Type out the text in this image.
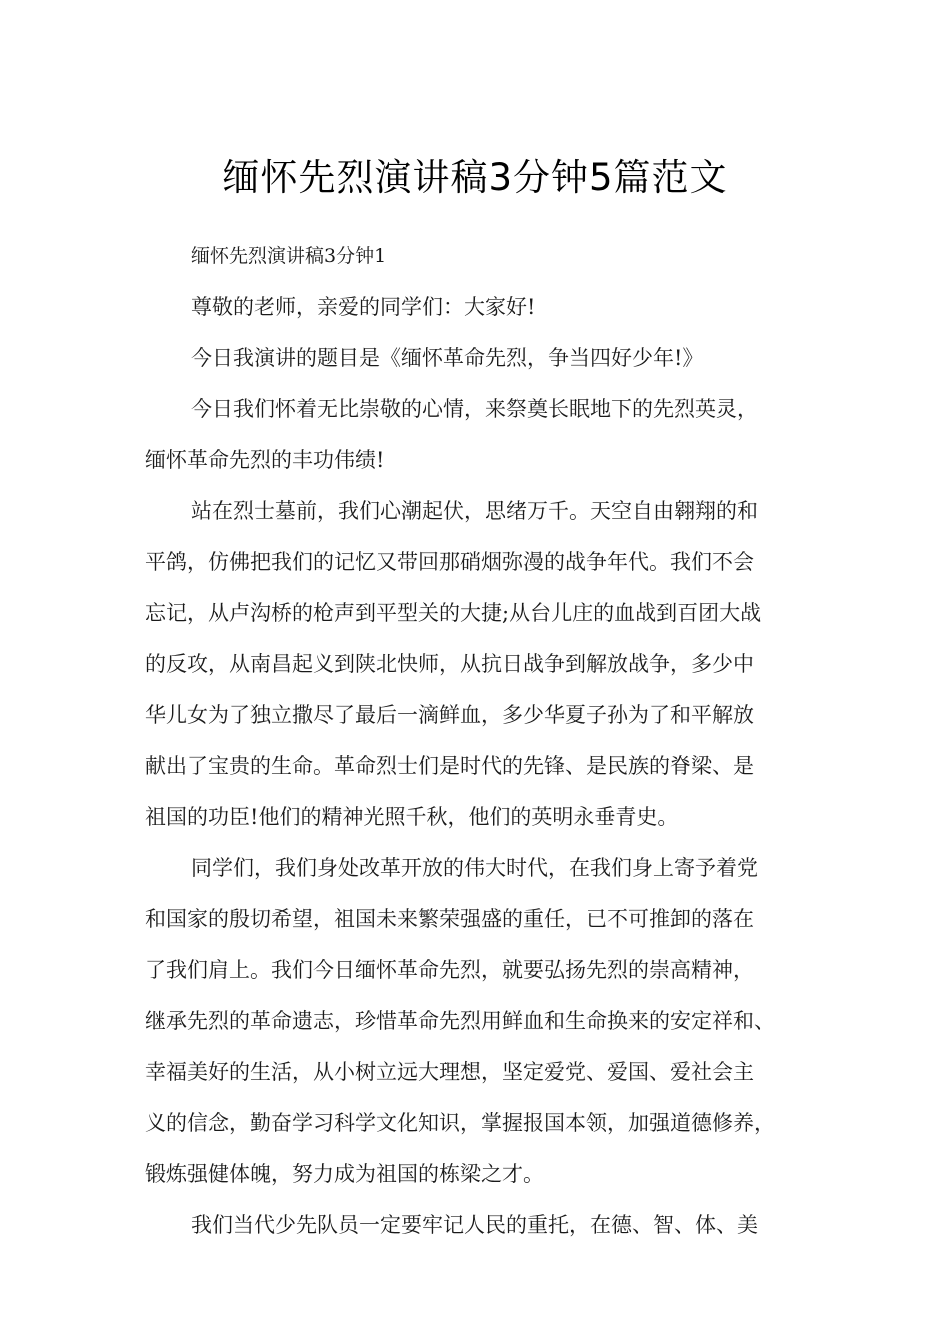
缅怀先烈演讲稿3分钟5篇范文
缅怀先烈演讲稿3分钟1
尊敬的老师，亲爱的同学们：大家好!
今日我演讲的题目是《缅怀革命先烈，争当四好少年!》
今日我们怀着无比崇敬的心情，来祭奠长眠地下的先烈英灵，
缅怀革命先烈的丰功伟绩!
站在烈士墓前，我们心潮起伏，思绪万千。天空自由翱翔的和
平鸽，仿佛把我们的记忆又带回那硝烟弥漫的战争年代。我们不会
忘记，从卢沟桥的枪声到平型关的大捷;从台儿庄的血战到百团大战
的反攻，从南昌起义到陕北快师，从抗日战争到解放战争，多少中
华儿女为了独立撒尽了最后一滴鲜血，多少华夏子孙为了和平解放
献出了宝贵的生命。革命烈士们是时代的先锋、是民族的脊梁、是
祖国的功臣!他们的精神光照千秋，他们的英明永垂青史。
同学们，我们身处改革开放的伟大时代，在我们身上寄予着党
和国家的殷切希望，祖国未来繁荣强盛的重任，已不可推卸的落在
了我们肩上。我们今日缅怀革命先烈，就要弘扬先烈的崇高精神，
继承先烈的革命遗志，珍惜革命先烈用鲜血和生命换来的安定祥和、
幸福美好的生活，从小树立远大理想，坚定爱党、爱国、爱社会主
义的信念，勤奋学习科学文化知识，掌握报国本领，加强道德修养，
锻炼强健体魄，努力成为祖国的栋梁之才。
我们当代少先队员一定要牢记人民的重托，在德、智、体、美
